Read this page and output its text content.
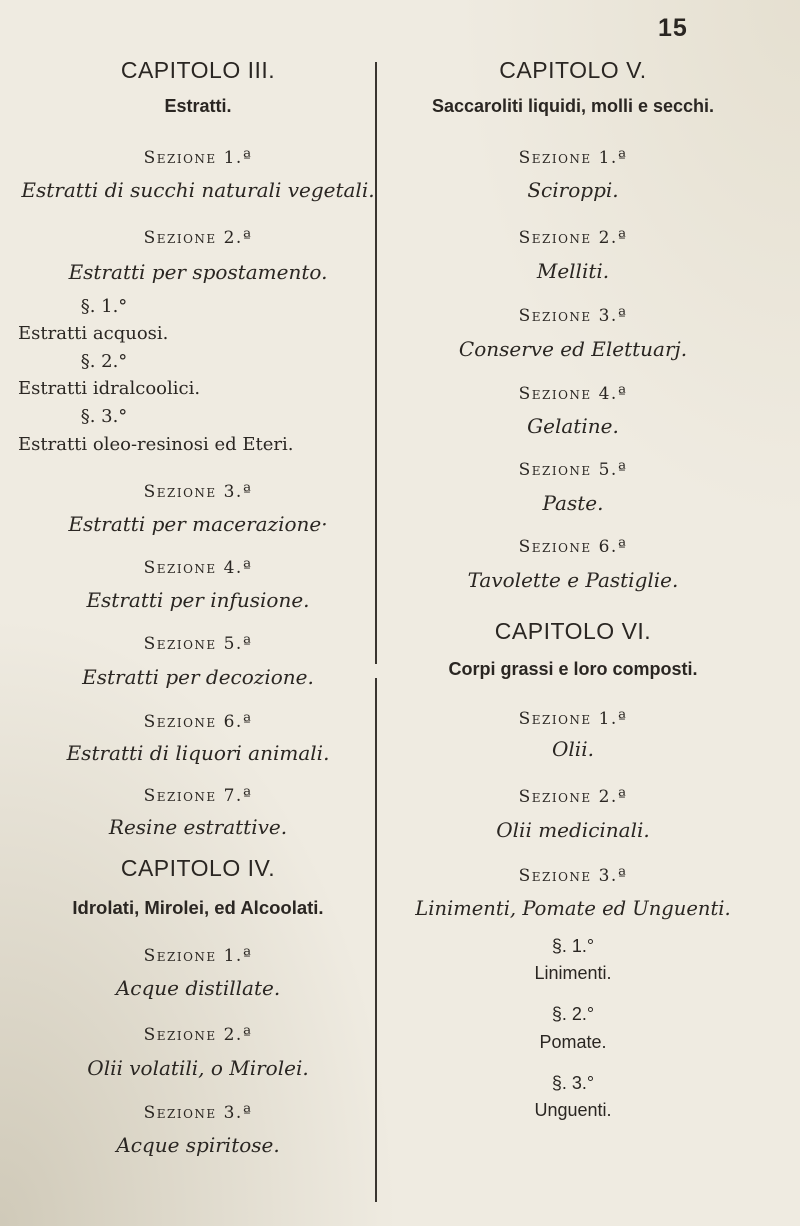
15
CAPITOLO III.
Estratti.
Sezione 1.ª
Estratti di succhi naturali vegetali.
Sezione 2.ª
Estratti per spostamento.
§. 1.°
Estratti acquosi.
§. 2.°
Estratti idralcoolici.
§. 3.°
Estratti oleo-resinosi ed Eteri.
Sezione 3.ª
Estratti per macerazione·
Sezione 4.ª
Estratti per infusione.
Sezione 5.ª
Estratti per decozione.
Sezione 6.ª
Estratti di liquori animali.
Sezione 7.ª
Resine estrattive.
CAPITOLO IV.
Idrolati, Mirolei, ed Alcoolati.
Sezione 1.ª
Acque distillate.
Sezione 2.ª
Olii volatili, o Mirolei.
Sezione 3.ª
Acque spiritose.
CAPITOLO V.
Saccaroliti liquidi, molli e secchi.
Sezione 1.ª
Sciroppi.
Sezione 2.ª
Melliti.
Sezione 3.ª
Conserve ed Elettuarj.
Sezione 4.ª
Gelatine.
Sezione 5.ª
Paste.
Sezione 6.ª
Tavolette e Pastiglie.
CAPITOLO VI.
Corpi grassi e loro composti.
Sezione 1.ª
Olii.
Sezione 2.ª
Olii medicinali.
Sezione 3.ª
Linimenti, Pomate ed Unguenti.
§. 1.°
Linimenti.
§. 2.°
Pomate.
§. 3.°
Unguenti.
